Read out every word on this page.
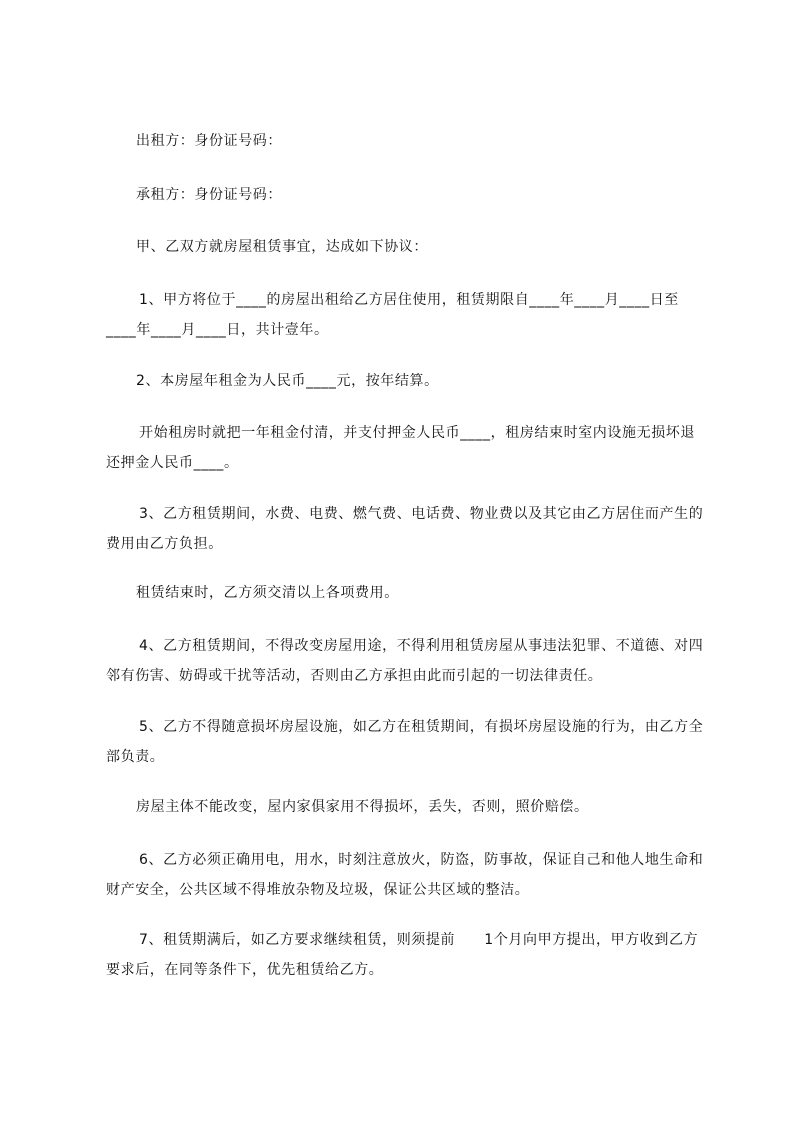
出租方：身份证号码：

承租方：身份证号码：

甲、乙双方就房屋租赁事宜，达成如下协议：

1、甲方将位于____的房屋出租给乙方居住使用，租赁期限自____年____月____日至____年____月____日，共计壹年。

2、本房屋年租金为人民币____元，按年结算。

开始租房时就把一年租金付清，并支付押金人民币____，租房结束时室内设施无损坏退还押金人民币____。

3、乙方租赁期间，水费、电费、燃气费、电话费、物业费以及其它由乙方居住而产生的费用由乙方负担。

租赁结束时，乙方须交清以上各项费用。

4、乙方租赁期间，不得改变房屋用途，不得利用租赁房屋从事违法犯罪、不道德、对四邻有伤害、妨碍或干扰等活动，否则由乙方承担由此而引起的一切法律责任。

5、乙方不得随意损坏房屋设施，如乙方在租赁期间，有损坏房屋设施的行为，由乙方全部负责。

房屋主体不能改变，屋内家俱家用不得损坏，丢失，否则，照价赔偿。

6、乙方必须正确用电，用水，时刻注意放火，防盗，防事故，保证自己和他人地生命和财产安全，公共区域不得堆放杂物及垃圾，保证公共区域的整洁。

7、租赁期满后，如乙方要求继续租赁，则须提前　　1个月向甲方提出，甲方收到乙方要求后，在同等条件下，优先租赁给乙方。
